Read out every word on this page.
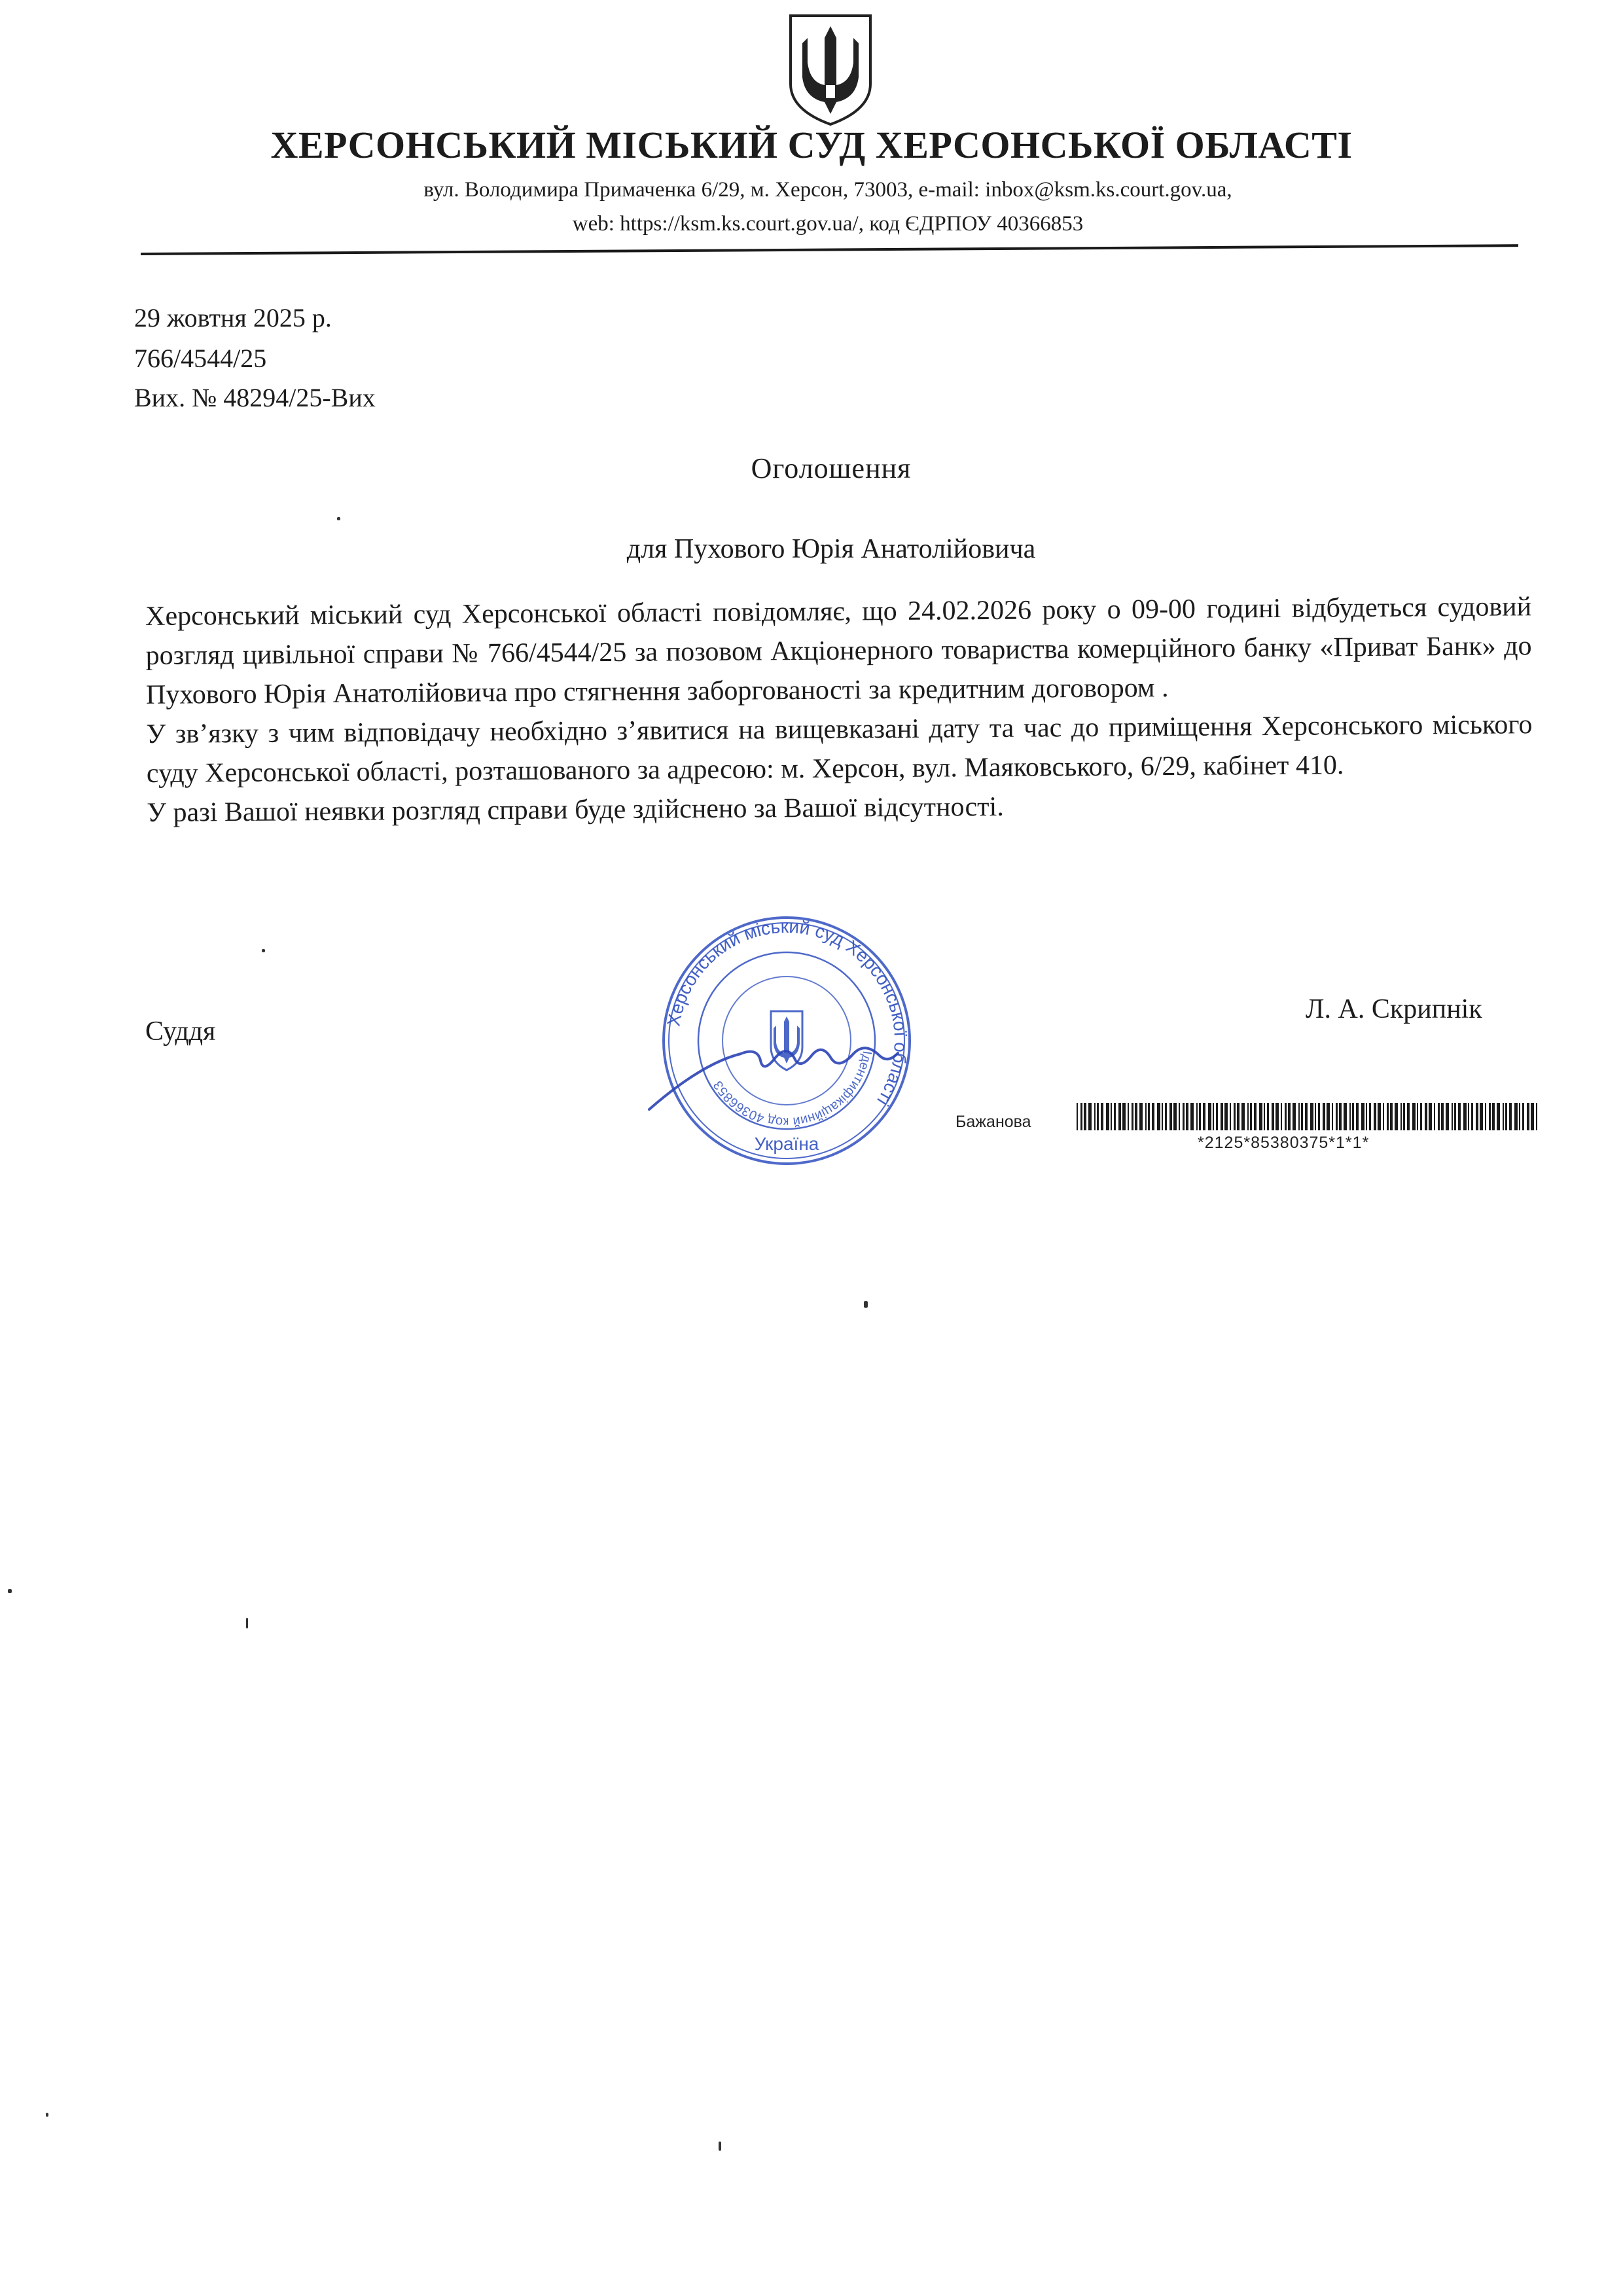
ХЕРСОНСЬКИЙ МІСЬКИЙ СУД ХЕРСОНСЬКОЇ ОБЛАСТІ
вул. Володимира Примаченка 6/29, м. Херсон, 73003, e-mail: inbox@ksm.ks.court.gov.ua,
web: https://ksm.ks.court.gov.ua/, код ЄДРПОУ 40366853
29 жовтня 2025 р.
766/4544/25
Вих. № 48294/25-Вих
Оголошення
для Пухового Юрія Анатолійовича

Херсонський міський суд Херсонської області повідомляє, що 24.02.2026 року о 09-00 годині відбудеться судовий розгляд цивільної справи № 766/4544/25 за позовом Акціонерного товариства комерційного банку «Приват Банк» до Пухового Юрія Анатолійовича про стягнення заборгованості за кредитним договором .

У зв’язку з чим відповідачу необхідно з’явитися на вищевказані дату та час до приміщення Херсонського міського суду Херсонської області, розташованого за адресою: м. Херсон, вул. Маяковського, 6/29, кабінет 410.

У разі Вашої неявки розгляд справи буде здійснено за Вашої відсутності.

Суддя
Л. А. Скрипнік
Херсонський міський суд Херсонської області
Ідентифікаційний код 40366853
Україна
Бажанова
*2125*85380375*1*1*
